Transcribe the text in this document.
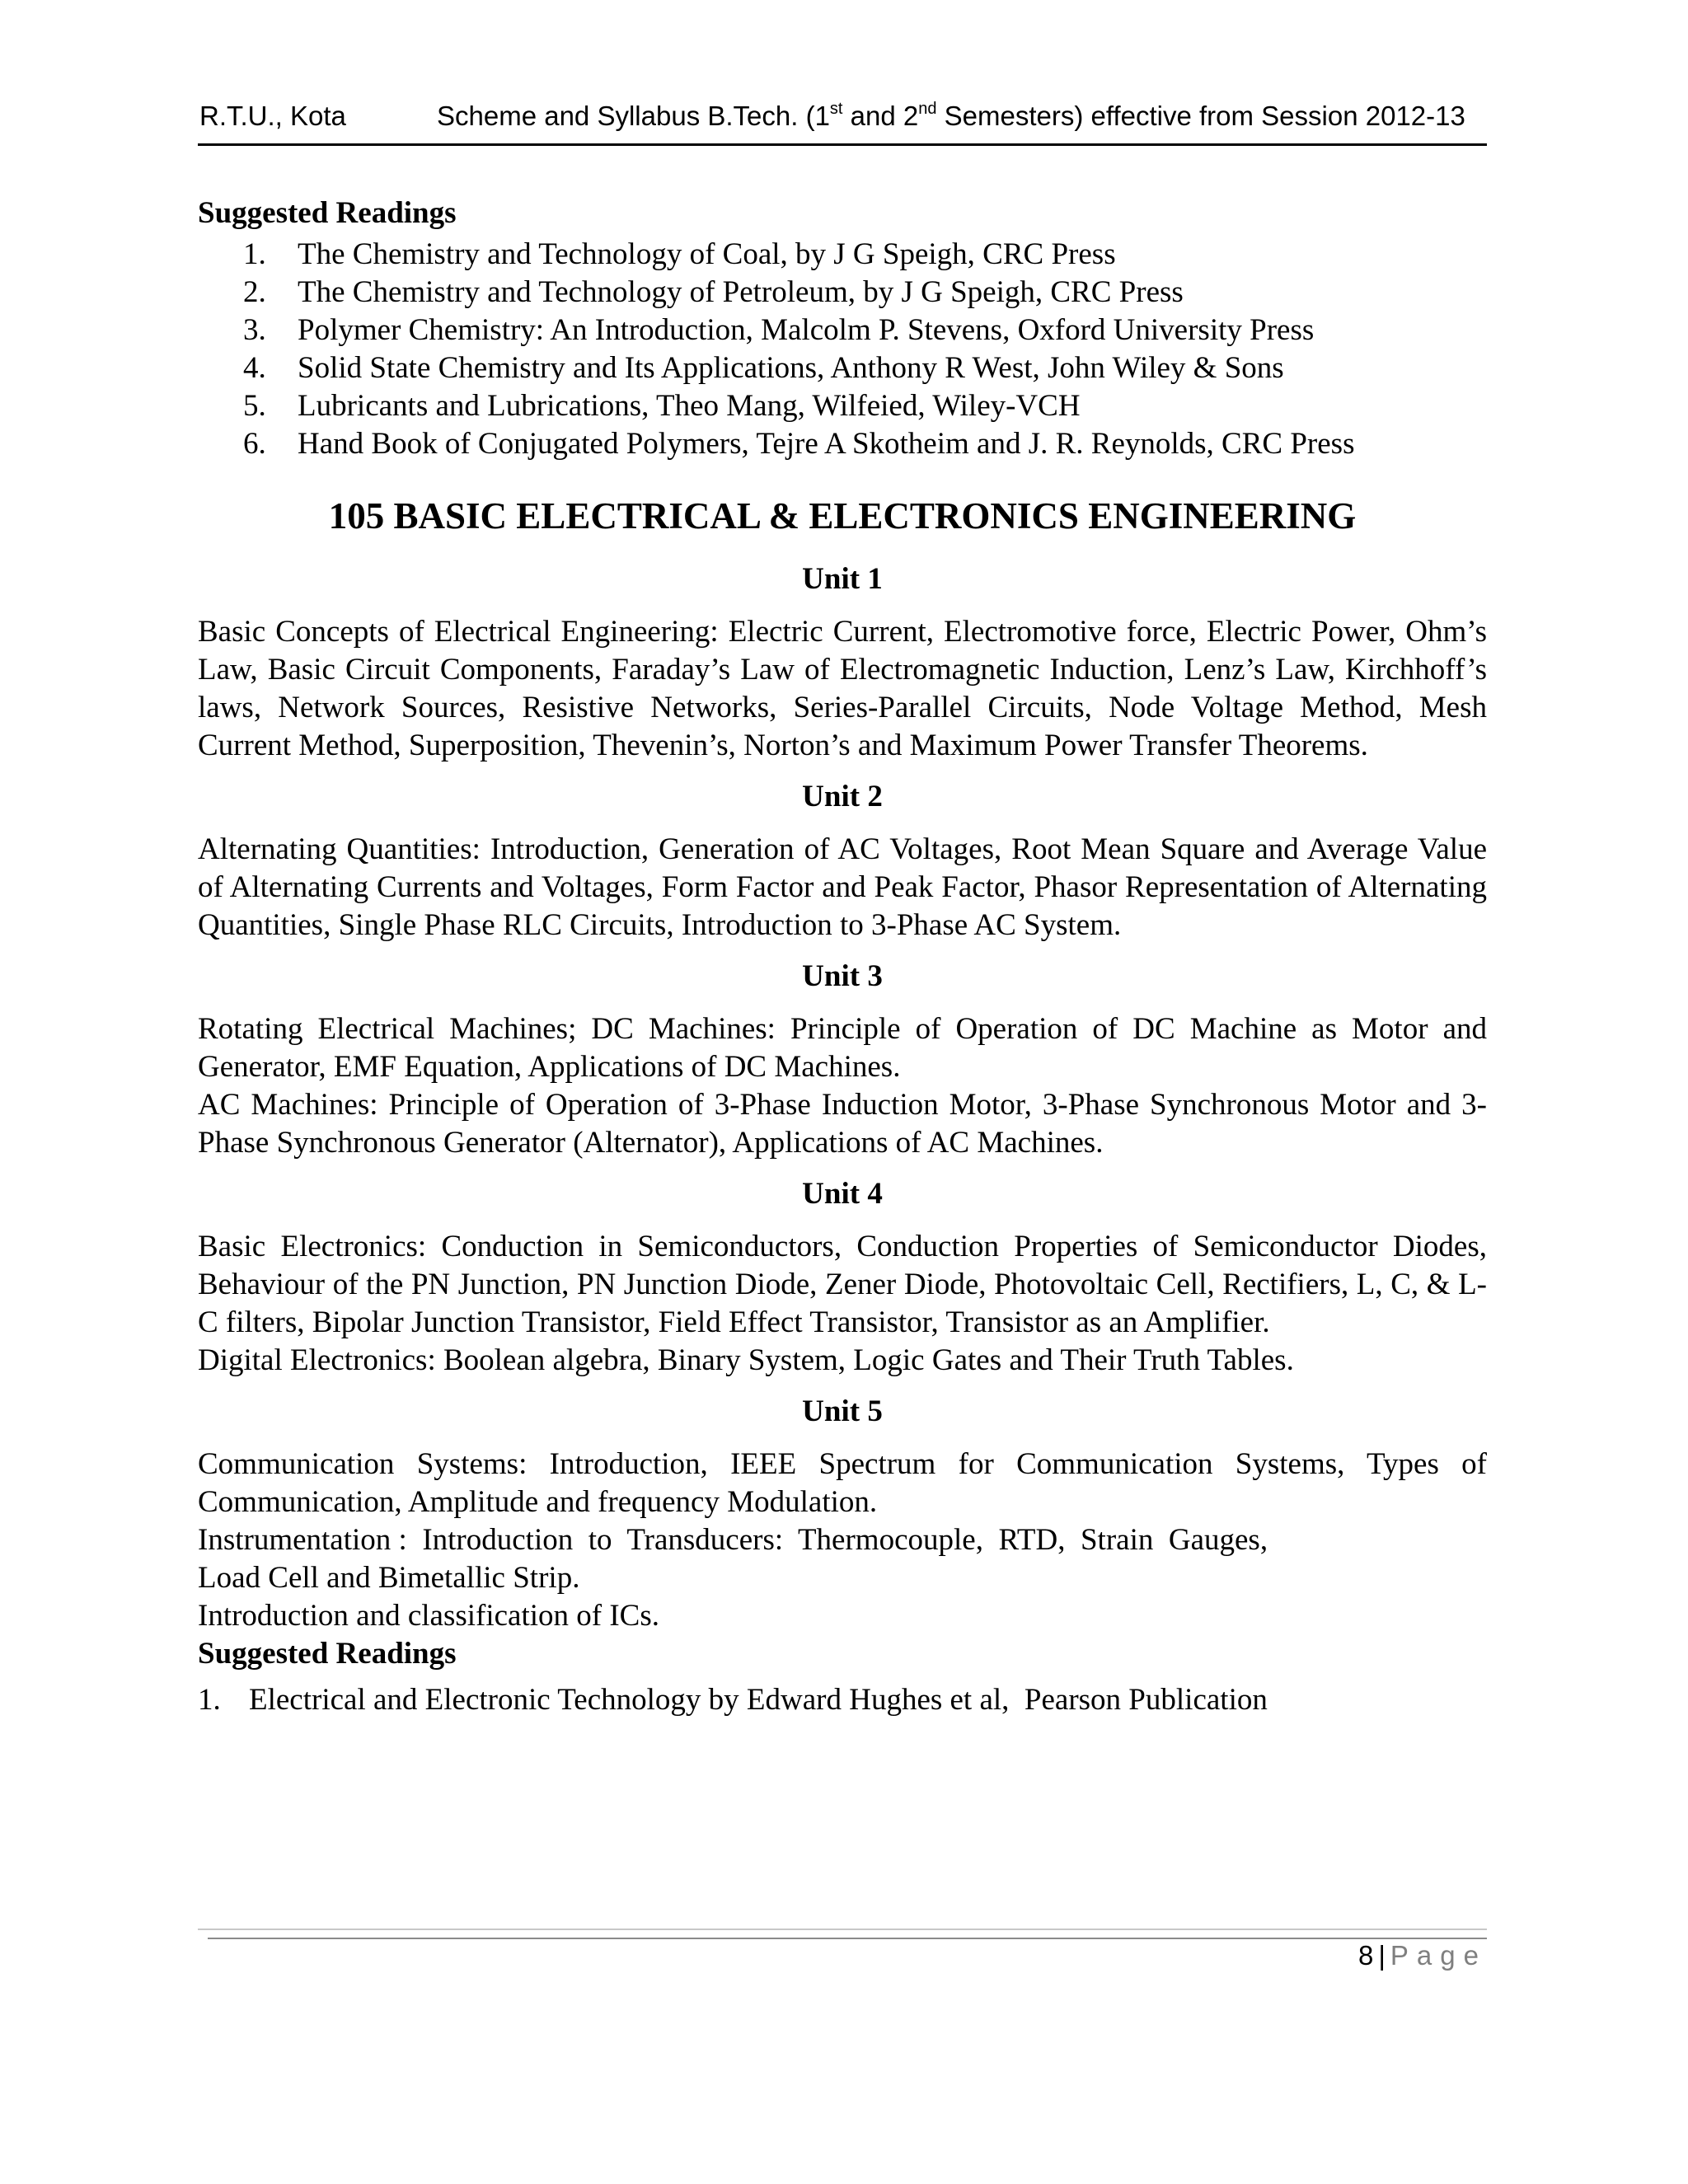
R.T.U., Kota	Scheme and Syllabus B.Tech. (1st and 2nd Semesters) effective from Session 2012-13
Suggested Readings
1.	The Chemistry and Technology of Coal, by J G Speigh, CRC Press
2.	The Chemistry and Technology of Petroleum, by J G Speigh, CRC Press
3.	Polymer Chemistry: An Introduction, Malcolm P. Stevens, Oxford University Press
4.	Solid State Chemistry and Its Applications, Anthony R West, John Wiley & Sons
5.	Lubricants and Lubrications, Theo Mang, Wilfeied, Wiley-VCH
6.	Hand Book of Conjugated Polymers, Tejre A Skotheim and J. R. Reynolds, CRC Press
105 BASIC ELECTRICAL & ELECTRONICS ENGINEERING
Unit 1

Basic Concepts of Electrical Engineering: Electric Current, Electromotive force, Electric Power, Ohm’s Law, Basic Circuit Components, Faraday’s Law of Electromagnetic Induction, Lenz’s Law, Kirchhoff’s laws, Network Sources, Resistive Networks, Series-Parallel Circuits, Node Voltage Method, Mesh Current Method, Superposition, Thevenin’s, Norton’s and Maximum Power Transfer Theorems.

Unit 2

Alternating Quantities: Introduction, Generation of AC Voltages, Root Mean Square and Average Value of Alternating Currents and Voltages, Form Factor and Peak Factor, Phasor Representation of Alternating Quantities, Single Phase RLC Circuits, Introduction to 3-Phase AC System.

Unit 3

Rotating Electrical Machines; DC Machines: Principle of Operation of DC Machine as Motor and Generator, EMF Equation, Applications of DC Machines.

AC Machines: Principle of Operation of 3-Phase Induction Motor, 3-Phase Synchronous Motor and 3- Phase Synchronous Generator (Alternator), Applications of AC Machines.

Unit 4

Basic Electronics: Conduction in Semiconductors, Conduction Properties of Semiconductor Diodes, Behaviour of the PN Junction, PN Junction Diode, Zener Diode, Photovoltaic Cell, Rectifiers, L, C, & L-C filters, Bipolar Junction Transistor, Field Effect Transistor, Transistor as an Amplifier.

Digital Electronics: Boolean algebra, Binary System, Logic Gates and Their Truth Tables.

Unit 5

Communication Systems: Introduction, IEEE Spectrum for Communication Systems, Types of Communication, Amplitude and frequency Modulation.

Instrumentation :  Introduction  to  Transducers:  Thermocouple,  RTD,  Strain  Gauges,

Load Cell and Bimetallic Strip.

Introduction and classification of ICs.

Suggested Readings
1. Electrical and Electronic Technology by Edward Hughes et al,  Pearson Publication
8 | Page
